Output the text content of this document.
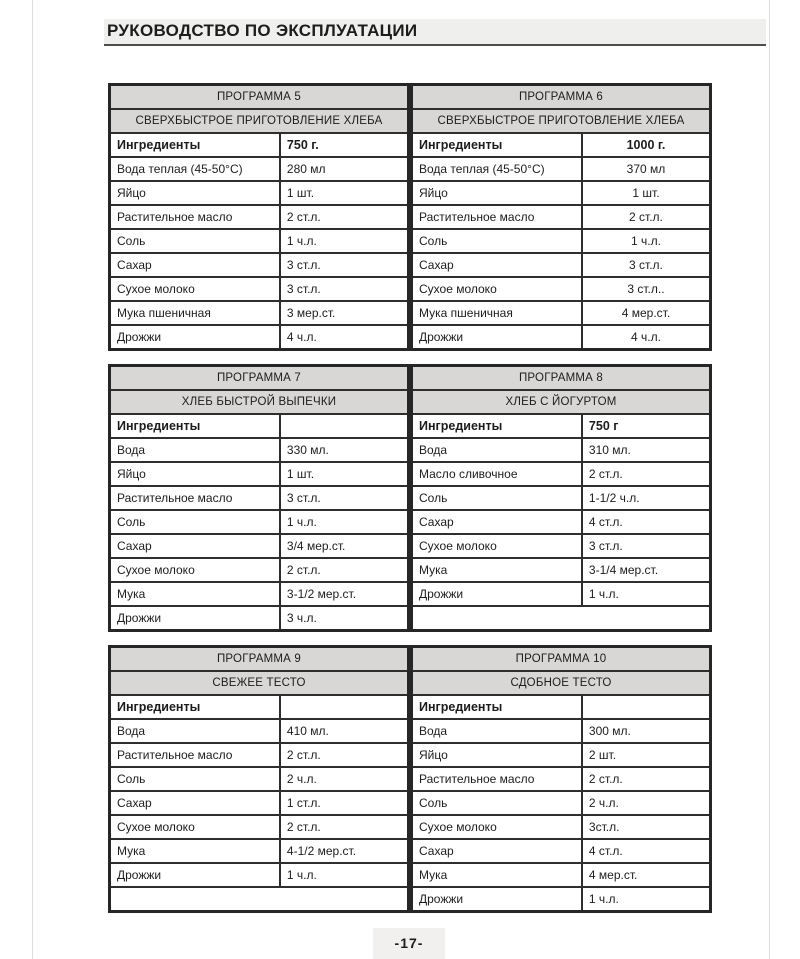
РУКОВОДСТВО ПО ЭКСПЛУАТАЦИИ
ПРОГРАММА 5	
СВЕРХБЫСТРОЕ ПРИГОТОВЛЕНИЕ ХЛЕБА	
Ингредиенты	750 г.
Вода теплая (45-50°С)	280 мл
Яйцо	1 шт.
Растительное масло	2 ст.л.
Соль	1 ч.л.
Сахар	3 ст.л.
Сухое молоко	3 ст.л.
Мука пшеничная	3 мер.ст.
Дрожжи	4 ч.л.
ПРОГРАММА 6	
СВЕРХБЫСТРОЕ ПРИГОТОВЛЕНИЕ ХЛЕБА	
Ингредиенты	1000 г.
Вода теплая (45-50°С)	370 мл
Яйцо	1 шт.
Растительное масло	2 ст.л.
Соль	1 ч.л.
Сахар	3 ст.л.
Сухое молоко	3 ст.л..
Мука пшеничная	4 мер.ст.
Дрожжи	4 ч.л.
ПРОГРАММА 7	
ХЛЕБ БЫСТРОЙ ВЫПЕЧКИ	
Ингредиенты	
Вода	330 мл.
Яйцо	1 шт.
Растительное масло	3 ст.л.
Соль	1 ч.л.
Сахар	3/4 мер.ст.
Сухое молоко	2 ст.л.
Мука	3-1/2 мер.ст.
Дрожжи	3 ч.л.
ПРОГРАММА 8	
ХЛЕБ С ЙОГУРТОМ	
Ингредиенты	750 г
Вода	310 мл.
Масло сливочное	2 ст.л.
Соль	1-1/2 ч.л.
Сахар	4 ст.л.
Сухое молоко	3 ст.л.
Мука	3-1/4 мер.ст.
Дрожжи	1 ч.л.

ПРОГРАММА 9	
СВЕЖЕЕ ТЕСТО	
Ингредиенты	
Вода	410 мл.
Растительное масло	2 ст.л.
Соль	2 ч.л.
Сахар	1 ст.л.
Сухое молоко	2 ст.л.
Мука	4-1/2 мер.ст.
Дрожжи	1 ч.л.

ПРОГРАММА 10	
СДОБНОЕ ТЕСТО	
Ингредиенты	
Вода	300 мл.
Яйцо	2 шт.
Растительное масло	2 ст.л.
Соль	2 ч.л.
Сухое молоко	3ст.л.
Сахар	4 ст.л.
Мука	4 мер.ст.
Дрожжи	1 ч.л.
-17-
